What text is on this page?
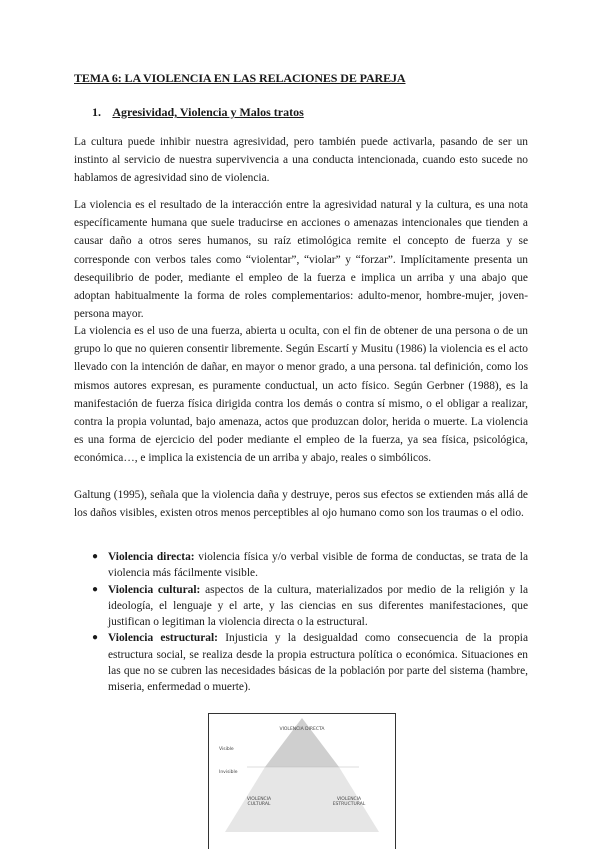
TEMA 6: LA VIOLENCIA EN LAS RELACIONES DE PAREJA
1. Agresividad, Violencia y Malos tratos

La cultura puede inhibir nuestra agresividad, pero también puede activarla, pasando de ser un instinto al servicio de nuestra supervivencia a una conducta intencionada, cuando esto sucede no hablamos de agresividad sino de violencia.

La violencia es el resultado de la interacción entre la agresividad natural y la cultura, es una nota específicamente humana que suele traducirse en acciones o amenazas intencionales que tienden a causar daño a otros seres humanos, su raíz etimológica remite el concepto de fuerza y se corresponde con verbos tales como “violentar”, “violar” y “forzar”. Implícitamente presenta un desequilibrio de poder, mediante el empleo de la fuerza e implica un arriba y una abajo que adoptan habitualmente la forma de roles complementarios: adulto-menor, hombre-mujer, joven-persona mayor.

La violencia es el uso de una fuerza, abierta u oculta, con el fin de obtener de una persona o de un grupo lo que no quieren consentir libremente. Según Escartí y Musitu (1986) la violencia es el acto llevado con la intención de dañar, en mayor o menor grado, a una persona. tal definición, como los mismos autores expresan, es puramente conductual, un acto físico. Según Gerbner (1988), es la manifestación de fuerza física dirigida contra los demás o contra sí mismo, o el obligar a realizar, contra la propia voluntad, bajo amenaza, actos que produzcan dolor, herida o muerte. La violencia es una forma de ejercicio del poder mediante el empleo de la fuerza, ya sea física, psicológica, económica…, e implica la existencia de un arriba y abajo, reales o simbólicos.

Galtung (1995), señala que la violencia daña y destruye, peros sus efectos se extienden más allá de los daños visibles, existen otros menos perceptibles al ojo humano como son los traumas o el odio.

● Violencia directa: violencia física y/o verbal visible de forma de conductas, se trata de la violencia más fácilmente visible.
● Violencia cultural: aspectos de la cultura, materializados por medio de la religión y la ideología, el lenguaje y el arte, y las ciencias en sus diferentes manifestaciones, que justifican o legitiman la violencia directa o la estructural.
● Violencia estructural: Injusticia y la desigualdad como consecuencia de la propia estructura social, se realiza desde la propia estructura política o económica. Situaciones en las que no se cubren las necesidades básicas de la población por parte del sistema (hambre, miseria, enfermedad o muerte).
VIOLENCIA DIRECTA
Visible
Invisible
VIOLENCIA CULTURAL
VIOLENCIA ESTRUCTURAL
